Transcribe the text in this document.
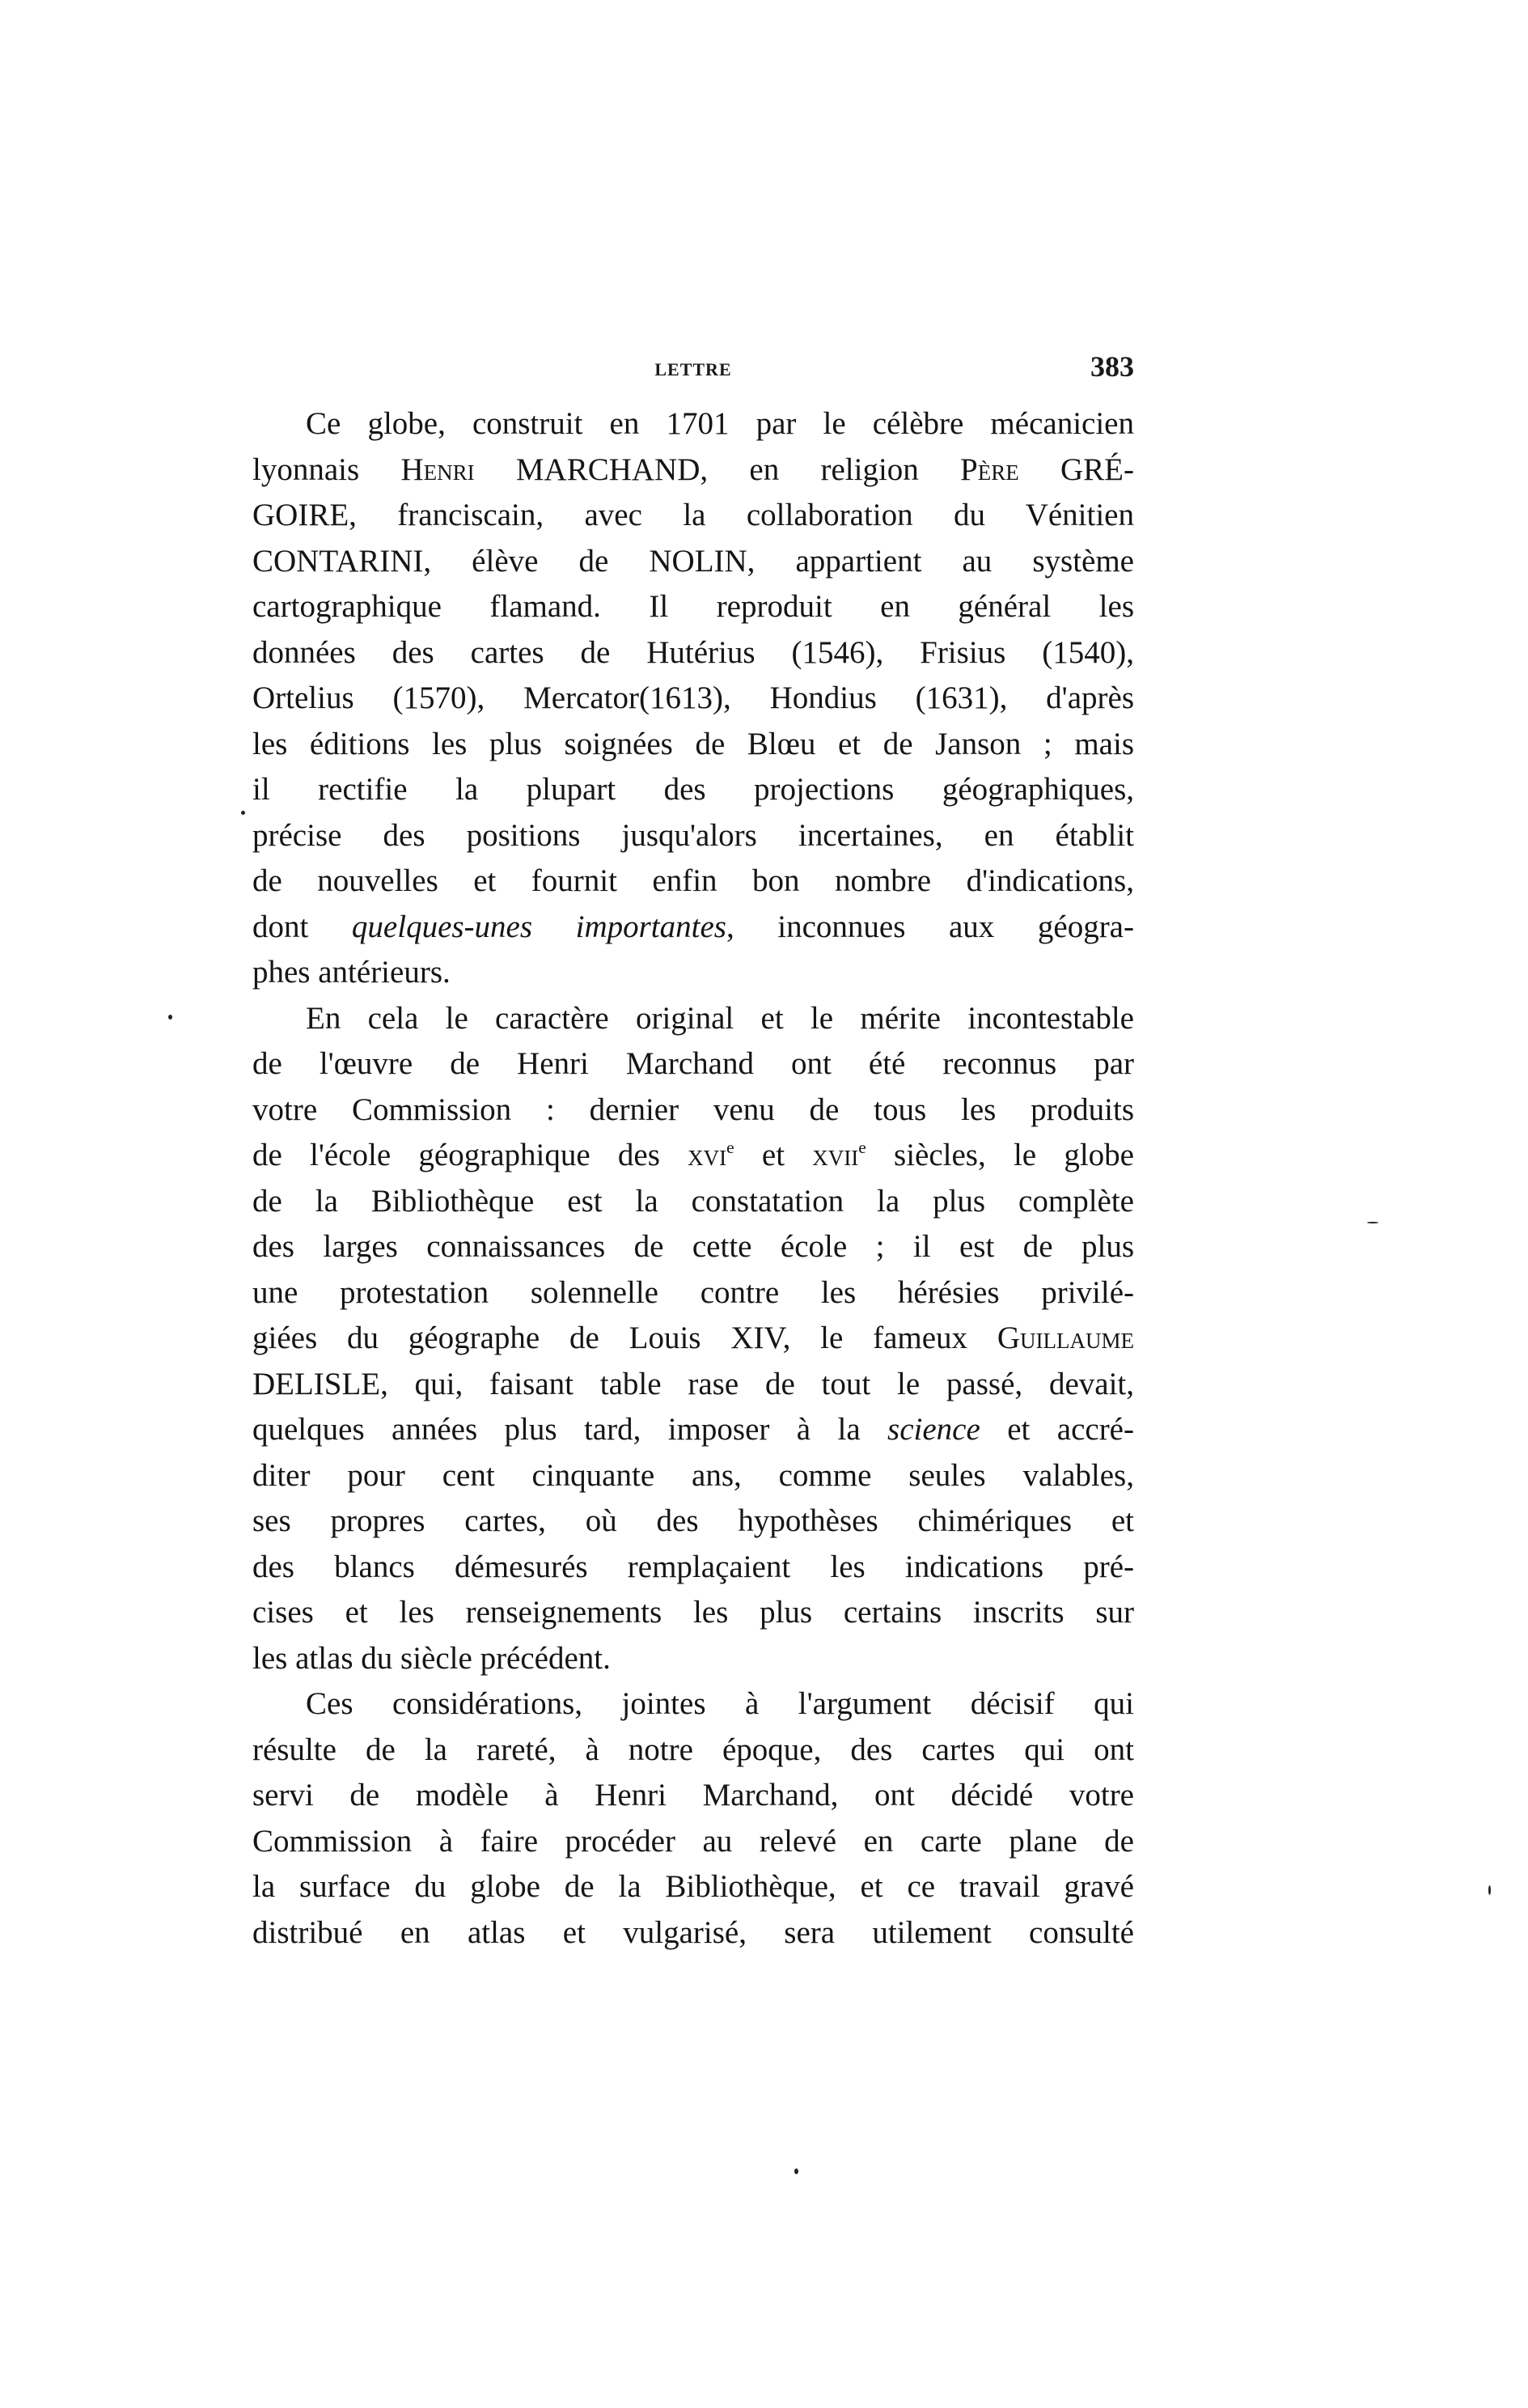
LETTRE	383
Ce globe, construit en 1701 par le célèbre mécanicien
lyonnais Henri MARCHAND, en religion Père GRÉ-
GOIRE, franciscain, avec la collaboration du Vénitien
CONTARINI, élève de NOLIN, appartient au système
cartographique flamand. Il reproduit en général les
données des cartes de Hutérius (1546), Frisius (1540),
Ortelius (1570), Mercator(1613), Hondius (1631), d'après
les éditions les plus soignées de Blœu et de Janson ; mais
il rectifie la plupart des projections géographiques,
précise des positions jusqu'alors incertaines, en établit
de nouvelles et fournit enfin bon nombre d'indications,
dont quelques-unes importantes, inconnues aux géogra-
phes antérieurs.
En cela le caractère original et le mérite incontestable
de l'œuvre de Henri Marchand ont été reconnus par
votre Commission : dernier venu de tous les produits
de l'école géographique des xvi$^e$ et xvii$^e$ siècles, le globe
de la Bibliothèque est la constatation la plus complète
des larges connaissances de cette école ; il est de plus
une protestation solennelle contre les hérésies privilé-
giées du géographe de Louis XIV, le fameux Guillaume
DELISLE, qui, faisant table rase de tout le passé, devait,
quelques années plus tard, imposer à la science et accré-
diter pour cent cinquante ans, comme seules valables,
ses propres cartes, où des hypothèses chimériques et
des blancs démesurés remplaçaient les indications pré-
cises et les renseignements les plus certains inscrits sur
les atlas du siècle précédent.
Ces considérations, jointes à l'argument décisif qui
résulte de la rareté, à notre époque, des cartes qui ont
servi de modèle à Henri Marchand, ont décidé votre
Commission à faire procéder au relevé en carte plane de
la surface du globe de la Bibliothèque, et ce travail gravé
distribué en atlas et vulgarisé, sera utilement consulté
